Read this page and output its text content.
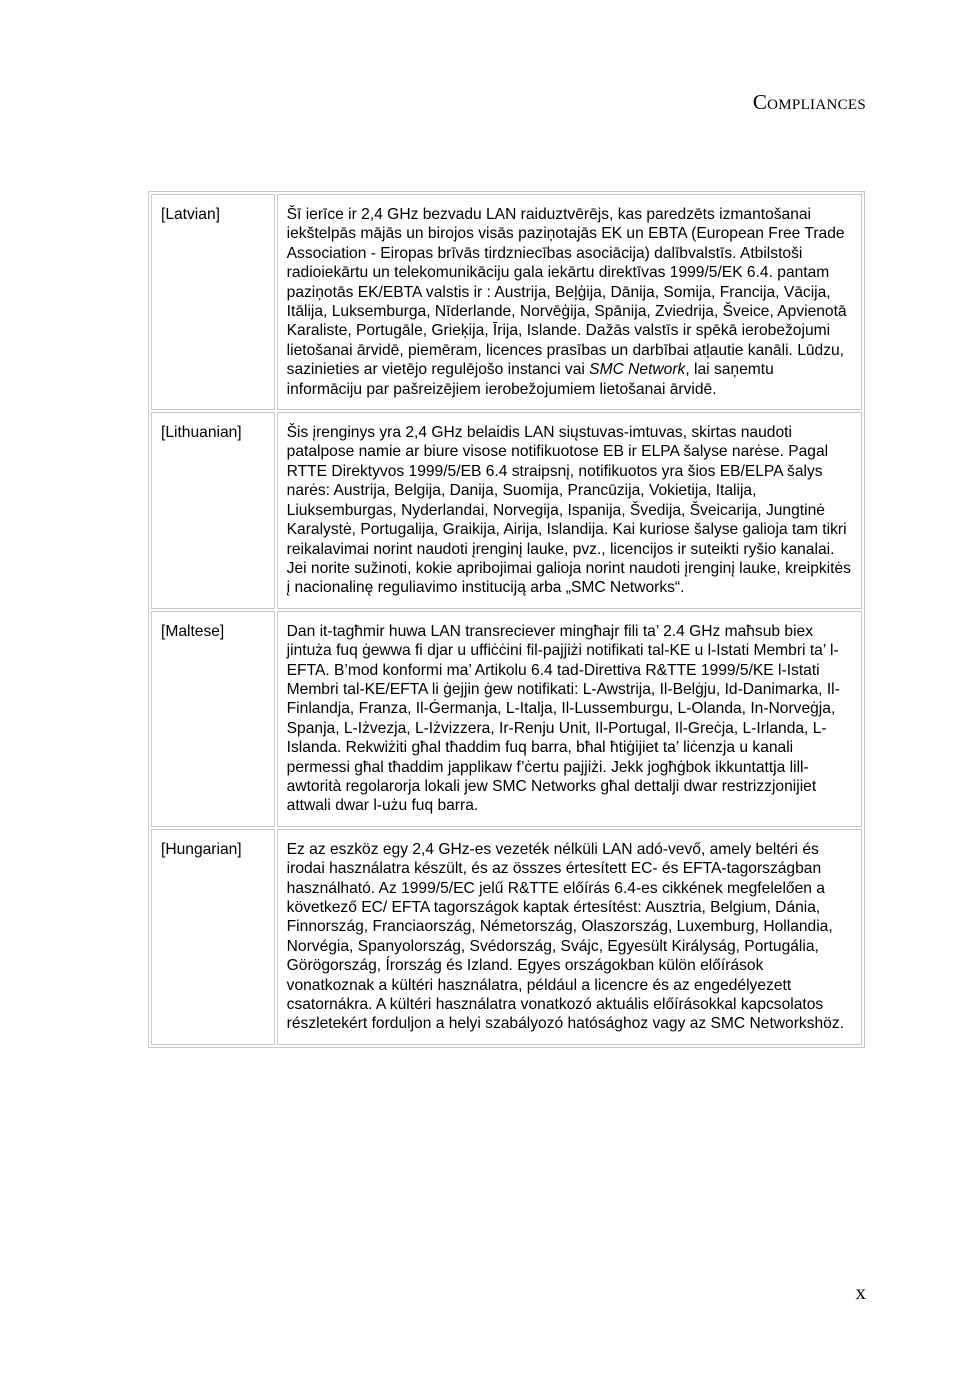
Compliances
[Latvian]	Šī ierīce ir 2,4 GHz bezvadu LAN raiduztvērējs, kas paredzēts izmantošanai iekštelpās mājās un birojos visās paziņotajās EK un EBTA (European Free Trade Association - Eiropas brīvās tirdzniecības asociācija) dalībvalstīs. Atbilstoši radioiekārtu un telekomunikāciju gala iekārtu direktīvas 1999/5/EK 6.4. pantam paziņotās EK/EBTA valstis ir : Austrija, Beļģija, Dānija, Somija, Francija, Vācija, Itālija, Luksemburga, Nīderlande, Norvēģija, Spānija, Zviedrija, Šveice, Apvienotā Karaliste, Portugāle, Grieķija, Īrija, Islande. Dažās valstīs ir spēkā ierobežojumi lietošanai ārvidē, piemēram, licences prasības un darbībai atļautie kanāli. Lūdzu, sazinieties ar vietējo regulējošo instanci vai SMC Network, lai saņemtu informāciju par pašreizējiem ierobežojumiem lietošanai ārvidē.
[Lithuanian]	Šis įrenginys yra 2,4 GHz belaidis LAN siųstuvas-imtuvas, skirtas naudoti patalpose namie ar biure visose notifikuotose EB ir ELPA šalyse narėse. Pagal RTTE Direktyvos 1999/5/EB 6.4 straipsnį, notifikuotos yra šios EB/ELPA šalys narės: Austrija, Belgija, Danija, Suomija, Prancūzija, Vokietija, Italija, Liuksemburgas, Nyderlandai, Norvegija, Ispanija, Švedija, Šveicarija, Jungtinė Karalystė, Portugalija, Graikija, Airija, Islandija. Kai kuriose šalyse galioja tam tikri reikalavimai norint naudoti įrenginį lauke, pvz., licencijos ir suteikti ryšio kanalai. Jei norite sužinoti, kokie apribojimai galioja norint naudoti įrenginį lauke, kreipkitės į nacionalinę reguliavimo instituciją arba „SMC Networks“.
[Maltese]	Dan it-tagħmir huwa LAN transreciever mingħajr fili ta’ 2.4 GHz maħsub biex jintuża fuq ġewwa fi djar u uffiċċini fil-pajjiżi notifikati tal-KE u l-Istati Membri ta’ l-EFTA. B’mod konformi ma’ Artikolu 6.4 tad-Direttiva R&TTE 1999/5/KE l-Istati Membri tal-KE/EFTA li ġejjin ġew notifikati: L-Awstrija, Il-Belġju, Id-Danimarka, Il-Finlandja, Franza, Il-Ġermanja, L-Italja, Il-Lussemburgu, L-Olanda, In-Norveġja, Spanja, L-Iżvezja, L-Iżvizzera, Ir-Renju Unit, Il-Portugal, Il-Greċja, L-Irlanda, L-Islanda. Rekwiżiti għal tħaddim fuq barra, bħal ħtiġijiet ta’ liċenzja u kanali permessi għal tħaddim japplikaw f’ċertu pajjiżi. Jekk jogħġbok ikkuntattja lill-awtorità regolarorja lokali jew SMC Networks għal dettalji dwar restrizzjonijiet attwali dwar l-użu fuq barra.
[Hungarian]	Ez az eszköz egy 2,4 GHz-es vezeték nélküli LAN adó-vevő, amely beltéri és irodai használatra készült, és az összes értesített EC- és EFTA-tagországban használható. Az 1999/5/EC jelű R&TTE előírás 6.4-es cikkének megfelelően a következő EC/ EFTA tagországok kaptak értesítést: Ausztria, Belgium, Dánia, Finnország, Franciaország, Németország, Olaszország, Luxemburg, Hollandia, Norvégia, Spanyolország, Svédország, Svájc, Egyesült Királyság, Portugália, Görögország, Írország és Izland. Egyes országokban külön előírások vonatkoznak a kültéri használatra, például a licencre és az engedélyezett csatornákra. A kültéri használatra vonatkozó aktuális előírásokkal kapcsolatos részletekért forduljon a helyi szabályozó hatósághoz vagy az SMC Networkshöz.
x
